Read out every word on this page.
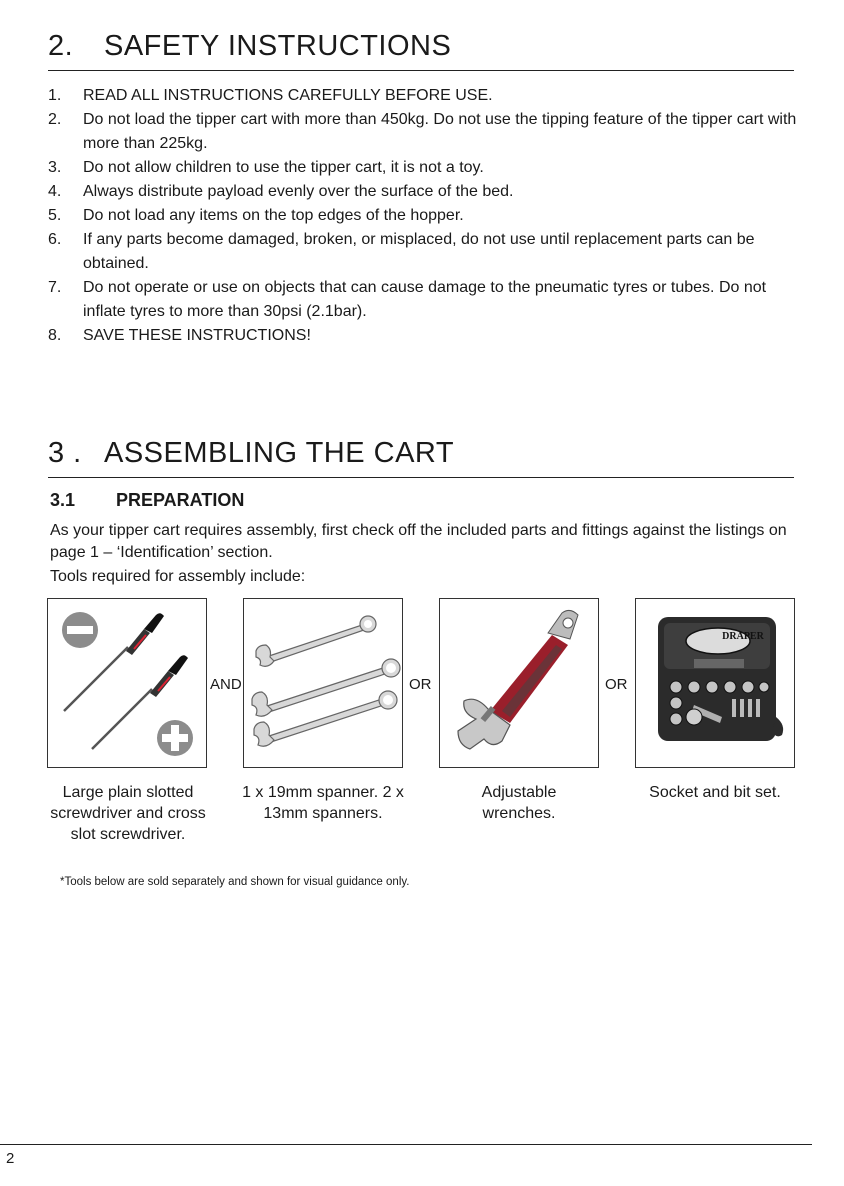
2. SAFETY INSTRUCTIONS
1. READ ALL INSTRUCTIONS CAREFULLY BEFORE USE.
2. Do not load the tipper cart with more than 450kg. Do not use the tipping feature of the tipper cart with more than 225kg.
3. Do not allow children to use the tipper cart, it is not a toy.
4. Always distribute payload evenly over the surface of the bed.
5. Do not load any items on the top edges of the hopper.
6. If any parts become damaged, broken, or misplaced, do not use until replacement parts can be obtained.
7. Do not operate or use on objects that can cause damage to the pneumatic tyres or tubes. Do not inflate tyres to more than 30psi (2.1bar).
8. SAVE THESE INSTRUCTIONS!
3 . ASSEMBLING THE CART
3.1 PREPARATION
As your tipper cart requires assembly, first check off the included parts and fittings against the listings on page 1 – ‘Identification’ section.
Tools required for assembly include:
AND	OR	OR
DRAPER
Large plain slotted screwdriver and cross slot screwdriver.
1 x 19mm spanner. 2 x 13mm spanners.
Adjustable wrenches.
Socket and bit set.
*Tools below are sold separately and shown for visual guidance only.
2
